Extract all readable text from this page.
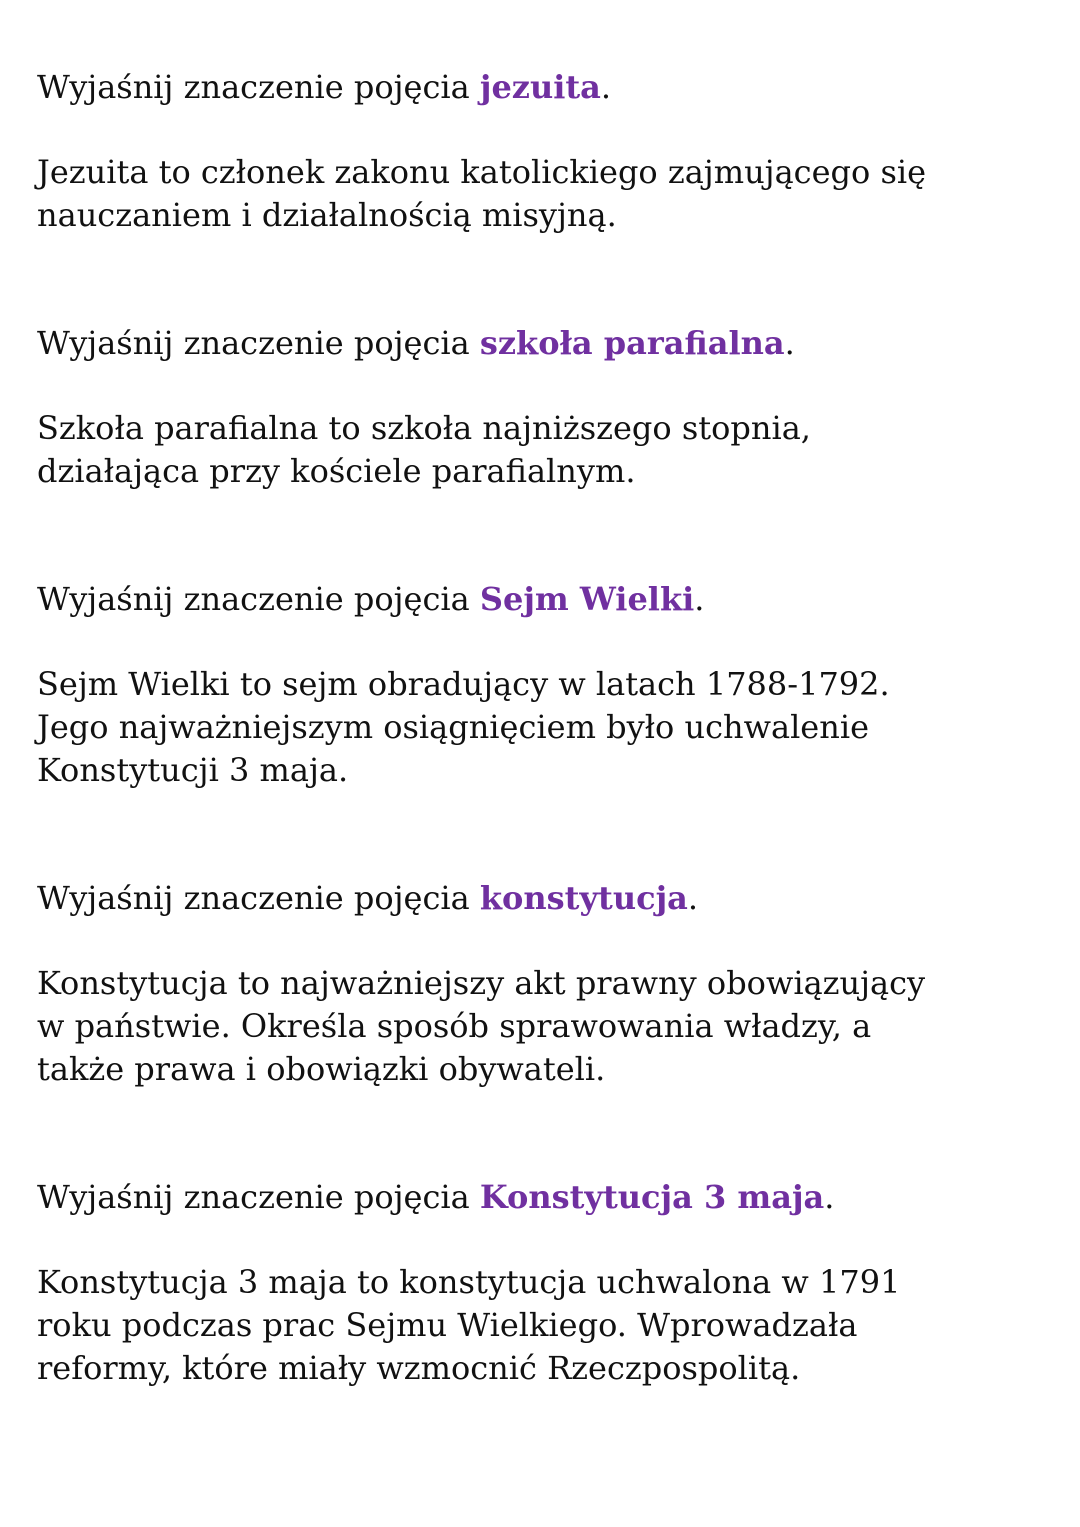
Wyjaśnij znaczenie pojęcia jezuita.
Jezuita to członek zakonu katolickiego zajmującego się
nauczaniem i działalnością misyjną.
Wyjaśnij znaczenie pojęcia szkoła parafialna.
Szkoła parafialna to szkoła najniższego stopnia,
działająca przy kościele parafialnym.
Wyjaśnij znaczenie pojęcia Sejm Wielki.
Sejm Wielki to sejm obradujący w latach 1788-1792.
Jego najważniejszym osiągnięciem było uchwalenie
Konstytucji 3 maja.
Wyjaśnij znaczenie pojęcia konstytucja.
Konstytucja to najważniejszy akt prawny obowiązujący
w państwie. Określa sposób sprawowania władzy, a
także prawa i obowiązki obywateli.
Wyjaśnij znaczenie pojęcia Konstytucja 3 maja.
Konstytucja 3 maja to konstytucja uchwalona w 1791
roku podczas prac Sejmu Wielkiego. Wprowadzała
reformy, które miały wzmocnić Rzeczpospolitą.
